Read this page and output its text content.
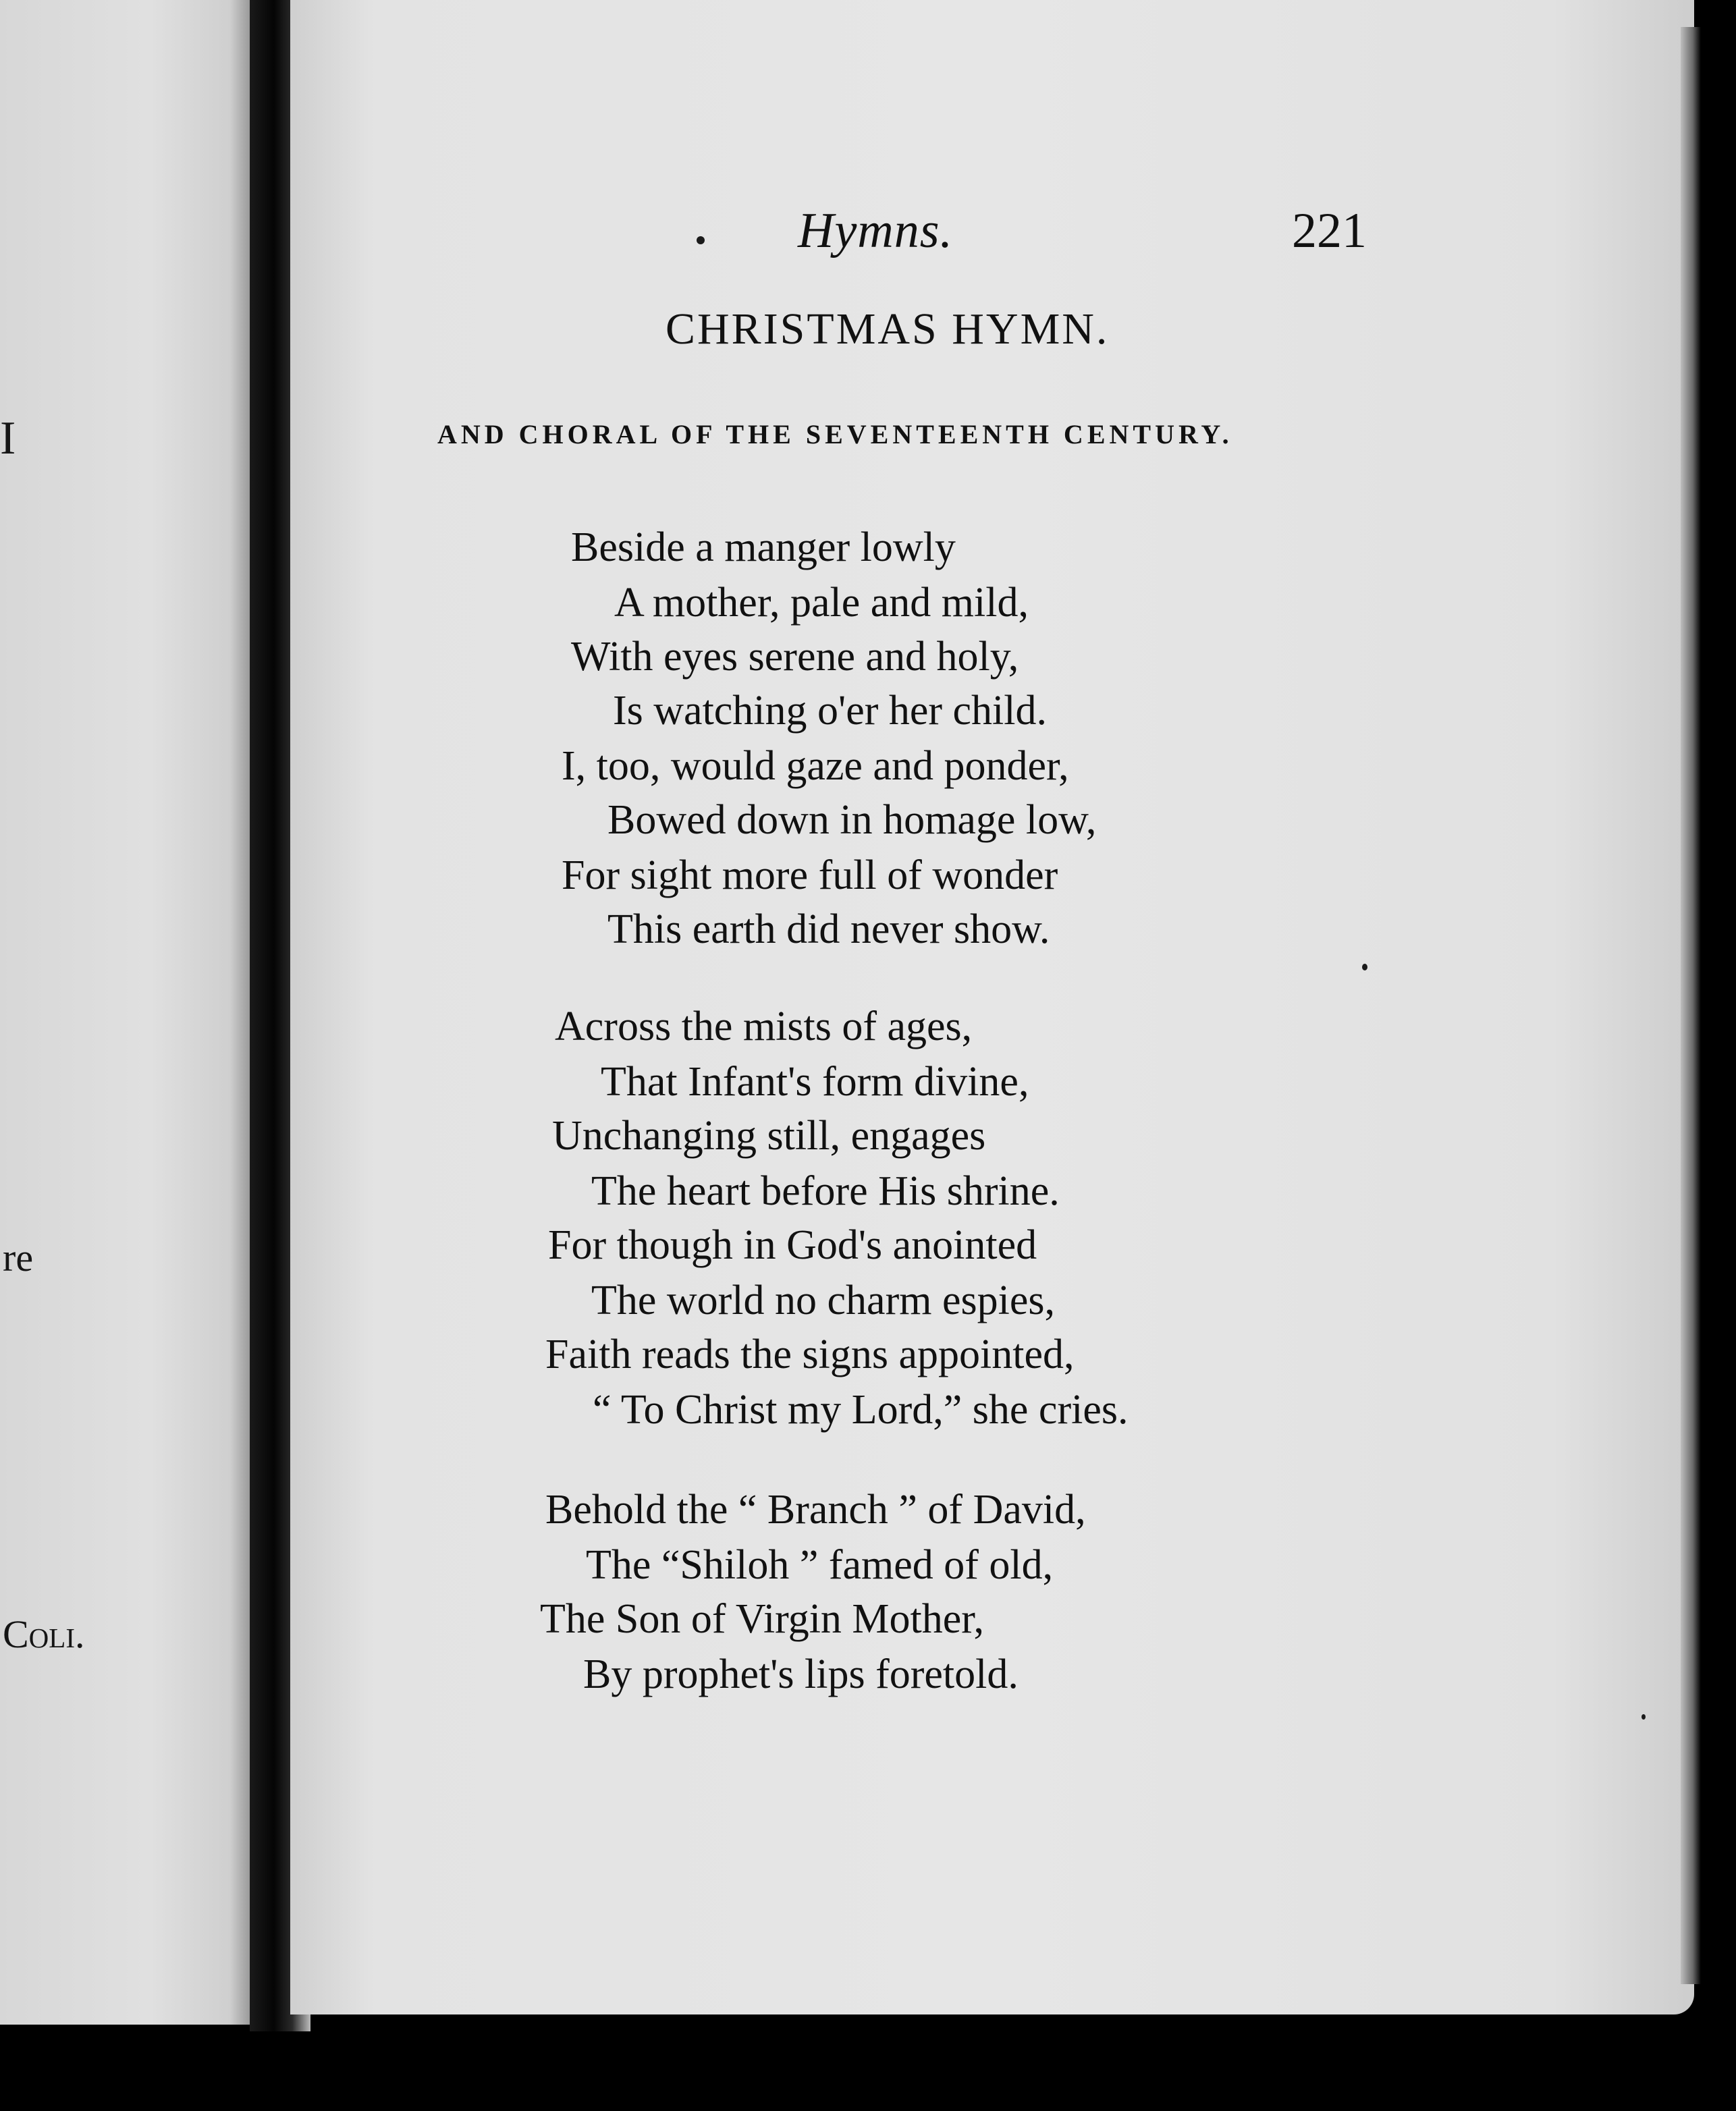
I
re
Coli.
Hymns.	221
CHRISTMAS HYMN.
AND CHORAL OF THE SEVENTEENTH CENTURY.
Beside a manger lowly
A mother, pale and mild,
With eyes serene and holy,
Is watching o'er her child.
I, too, would gaze and ponder,
Bowed down in homage low,
For sight more full of wonder
This earth did never show.
Across the mists of ages,
That Infant's form divine,
Unchanging still, engages
The heart before His shrine.
For though in God's anointed
The world no charm espies,
Faith reads the signs appointed,
“ To Christ my Lord,” she cries.
Behold the “ Branch ” of David,
The “Shiloh ” famed of old,
The Son of Virgin Mother,
By prophet's lips foretold.
